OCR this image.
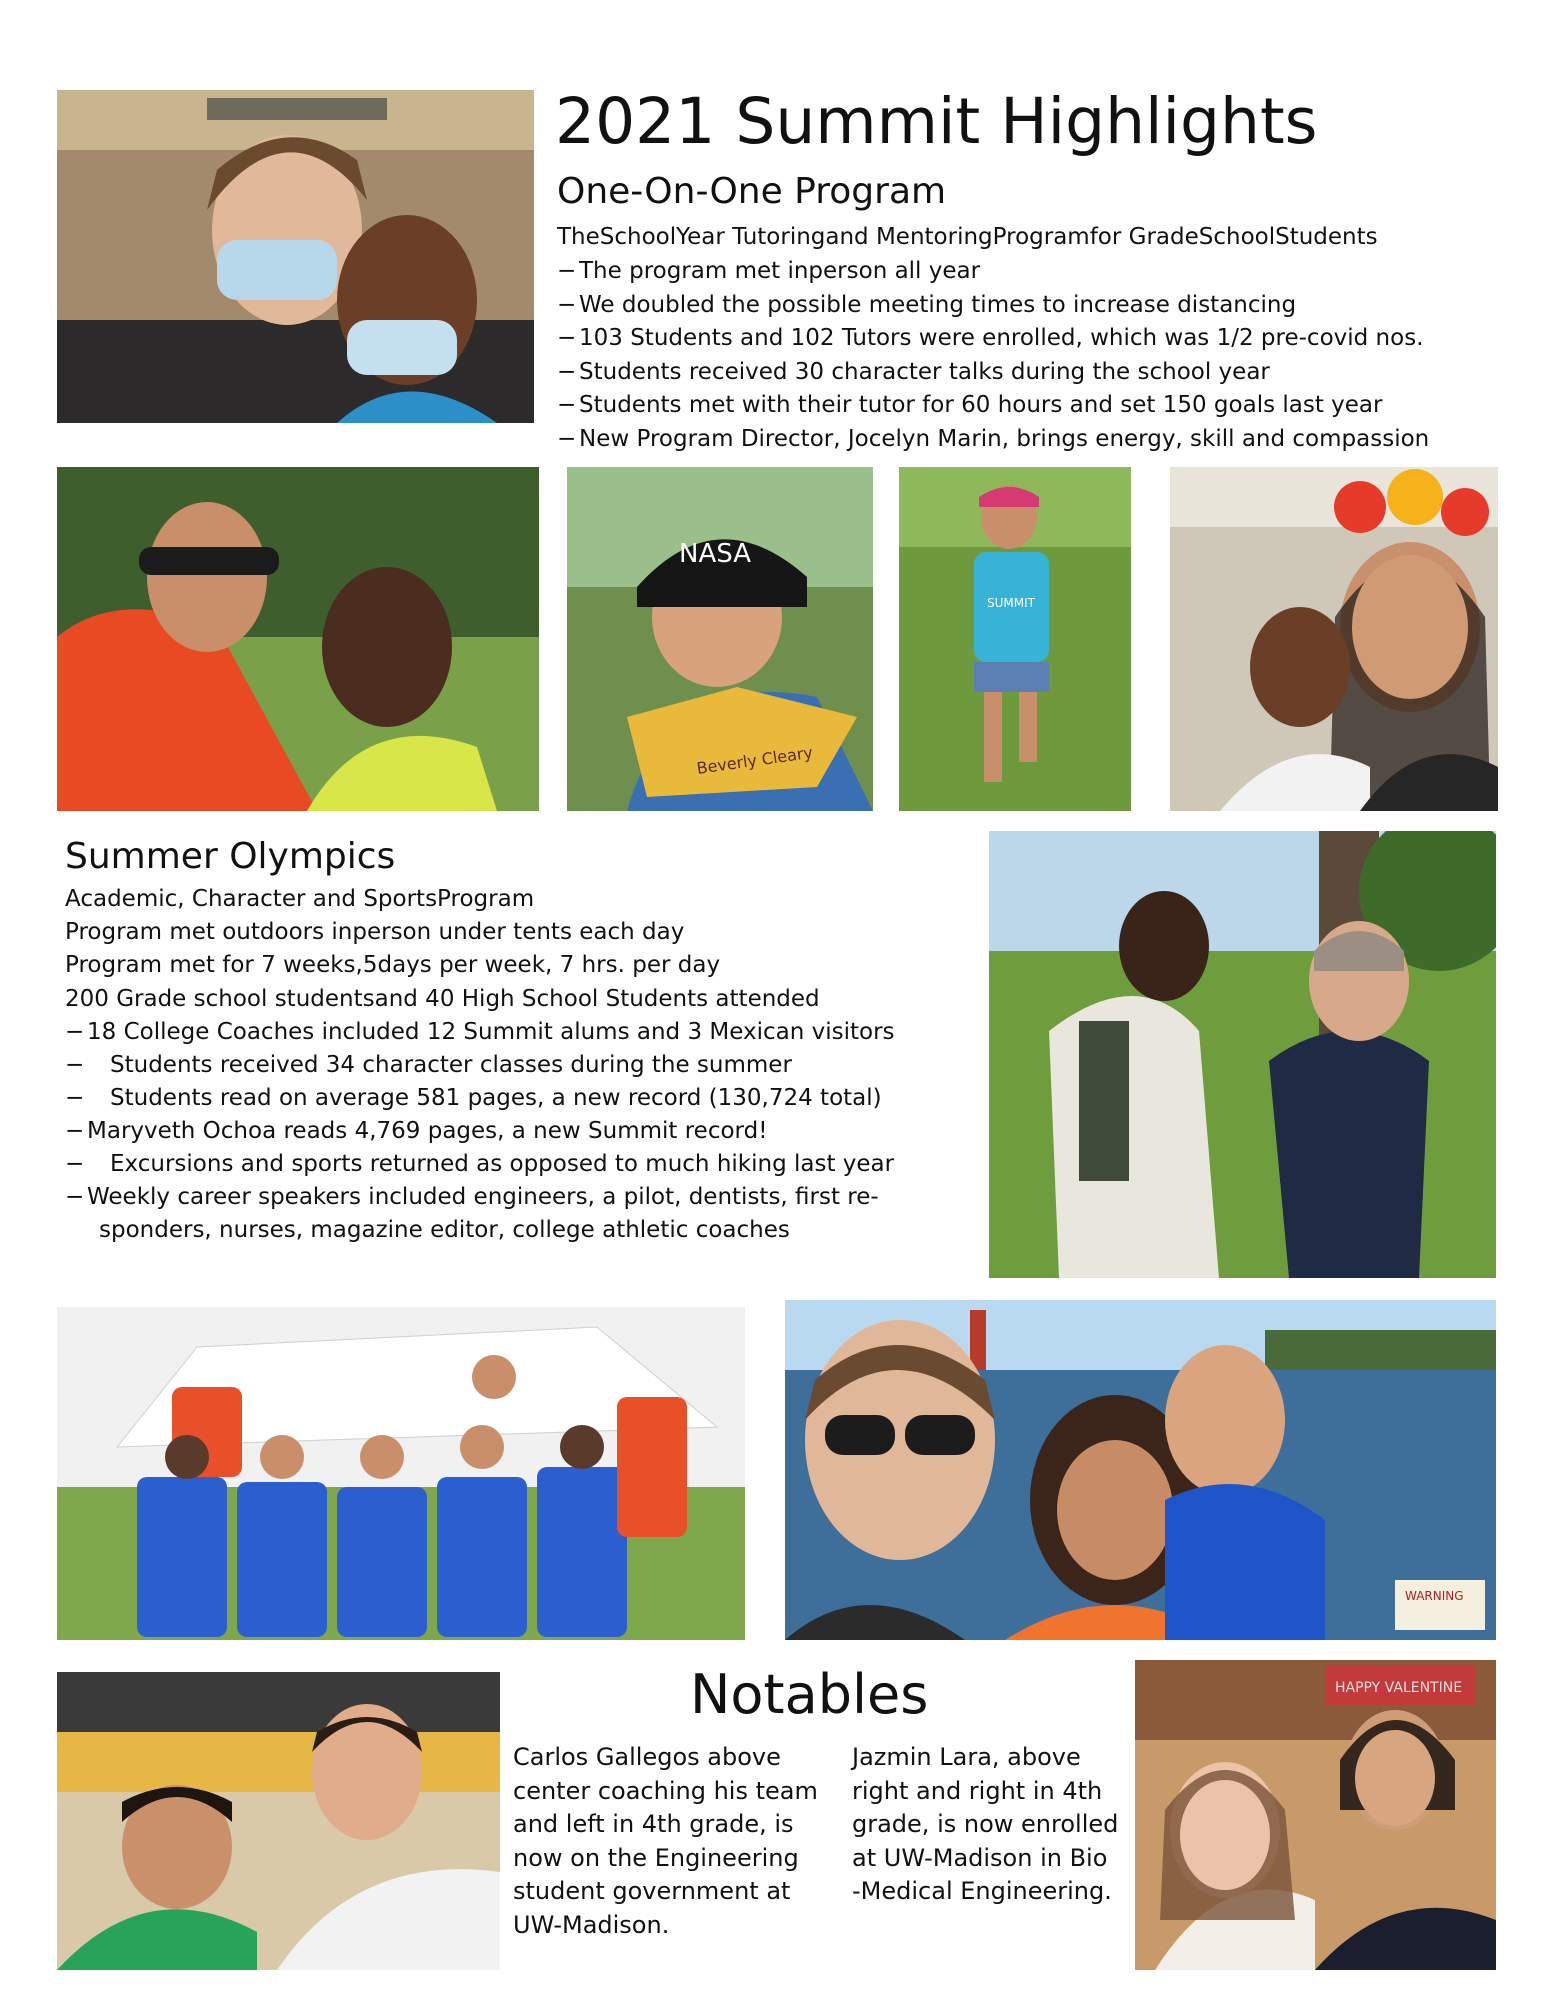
2021 Summit Highlights
One-On-One Program
TheSchoolYear Tutoringand MentoringProgramfor GradeSchoolStudents
− The program met inperson all year
− We doubled the possible meeting times to increase distancing
− 103 Students and 102 Tutors were enrolled, which was 1/2 pre-covid nos.
− Students received 30 character talks during the school year
− Students met with their tutor for 60 hours and set 150 goals last year
− New Program Director, Jocelyn Marin, brings energy, skill and compassion
NASA
Beverly Cleary
SUMMIT
Summer Olympics
Academic, Character and SportsProgram
Program met outdoors inperson under tents each day
Program met for 7 weeks,5days per week, 7 hrs. per day
200 Grade school studentsand 40 High School Students attended
− 18 College Coaches included 12 Summit alums and 3 Mexican visitors
− Students received 34 character classes during the summer
− Students read on average 581 pages, a new record (130,724 total)
− Maryveth Ochoa reads 4,769 pages, a new Summit record!
− Excursions and sports returned as opposed to much hiking last year
− Weekly career speakers included engineers, a pilot, dentists, first re-
sponders, nurses, magazine editor, college athletic coaches
WARNING
Notables
Carlos Gallegos above
center coaching his team
and left in 4th grade, is
now on the Engineering
student government at
UW-Madison.
Jazmin Lara, above
right and right in 4th
grade, is now enrolled
at UW-Madison in Bio
-Medical Engineering.
HAPPY VALENTINE
